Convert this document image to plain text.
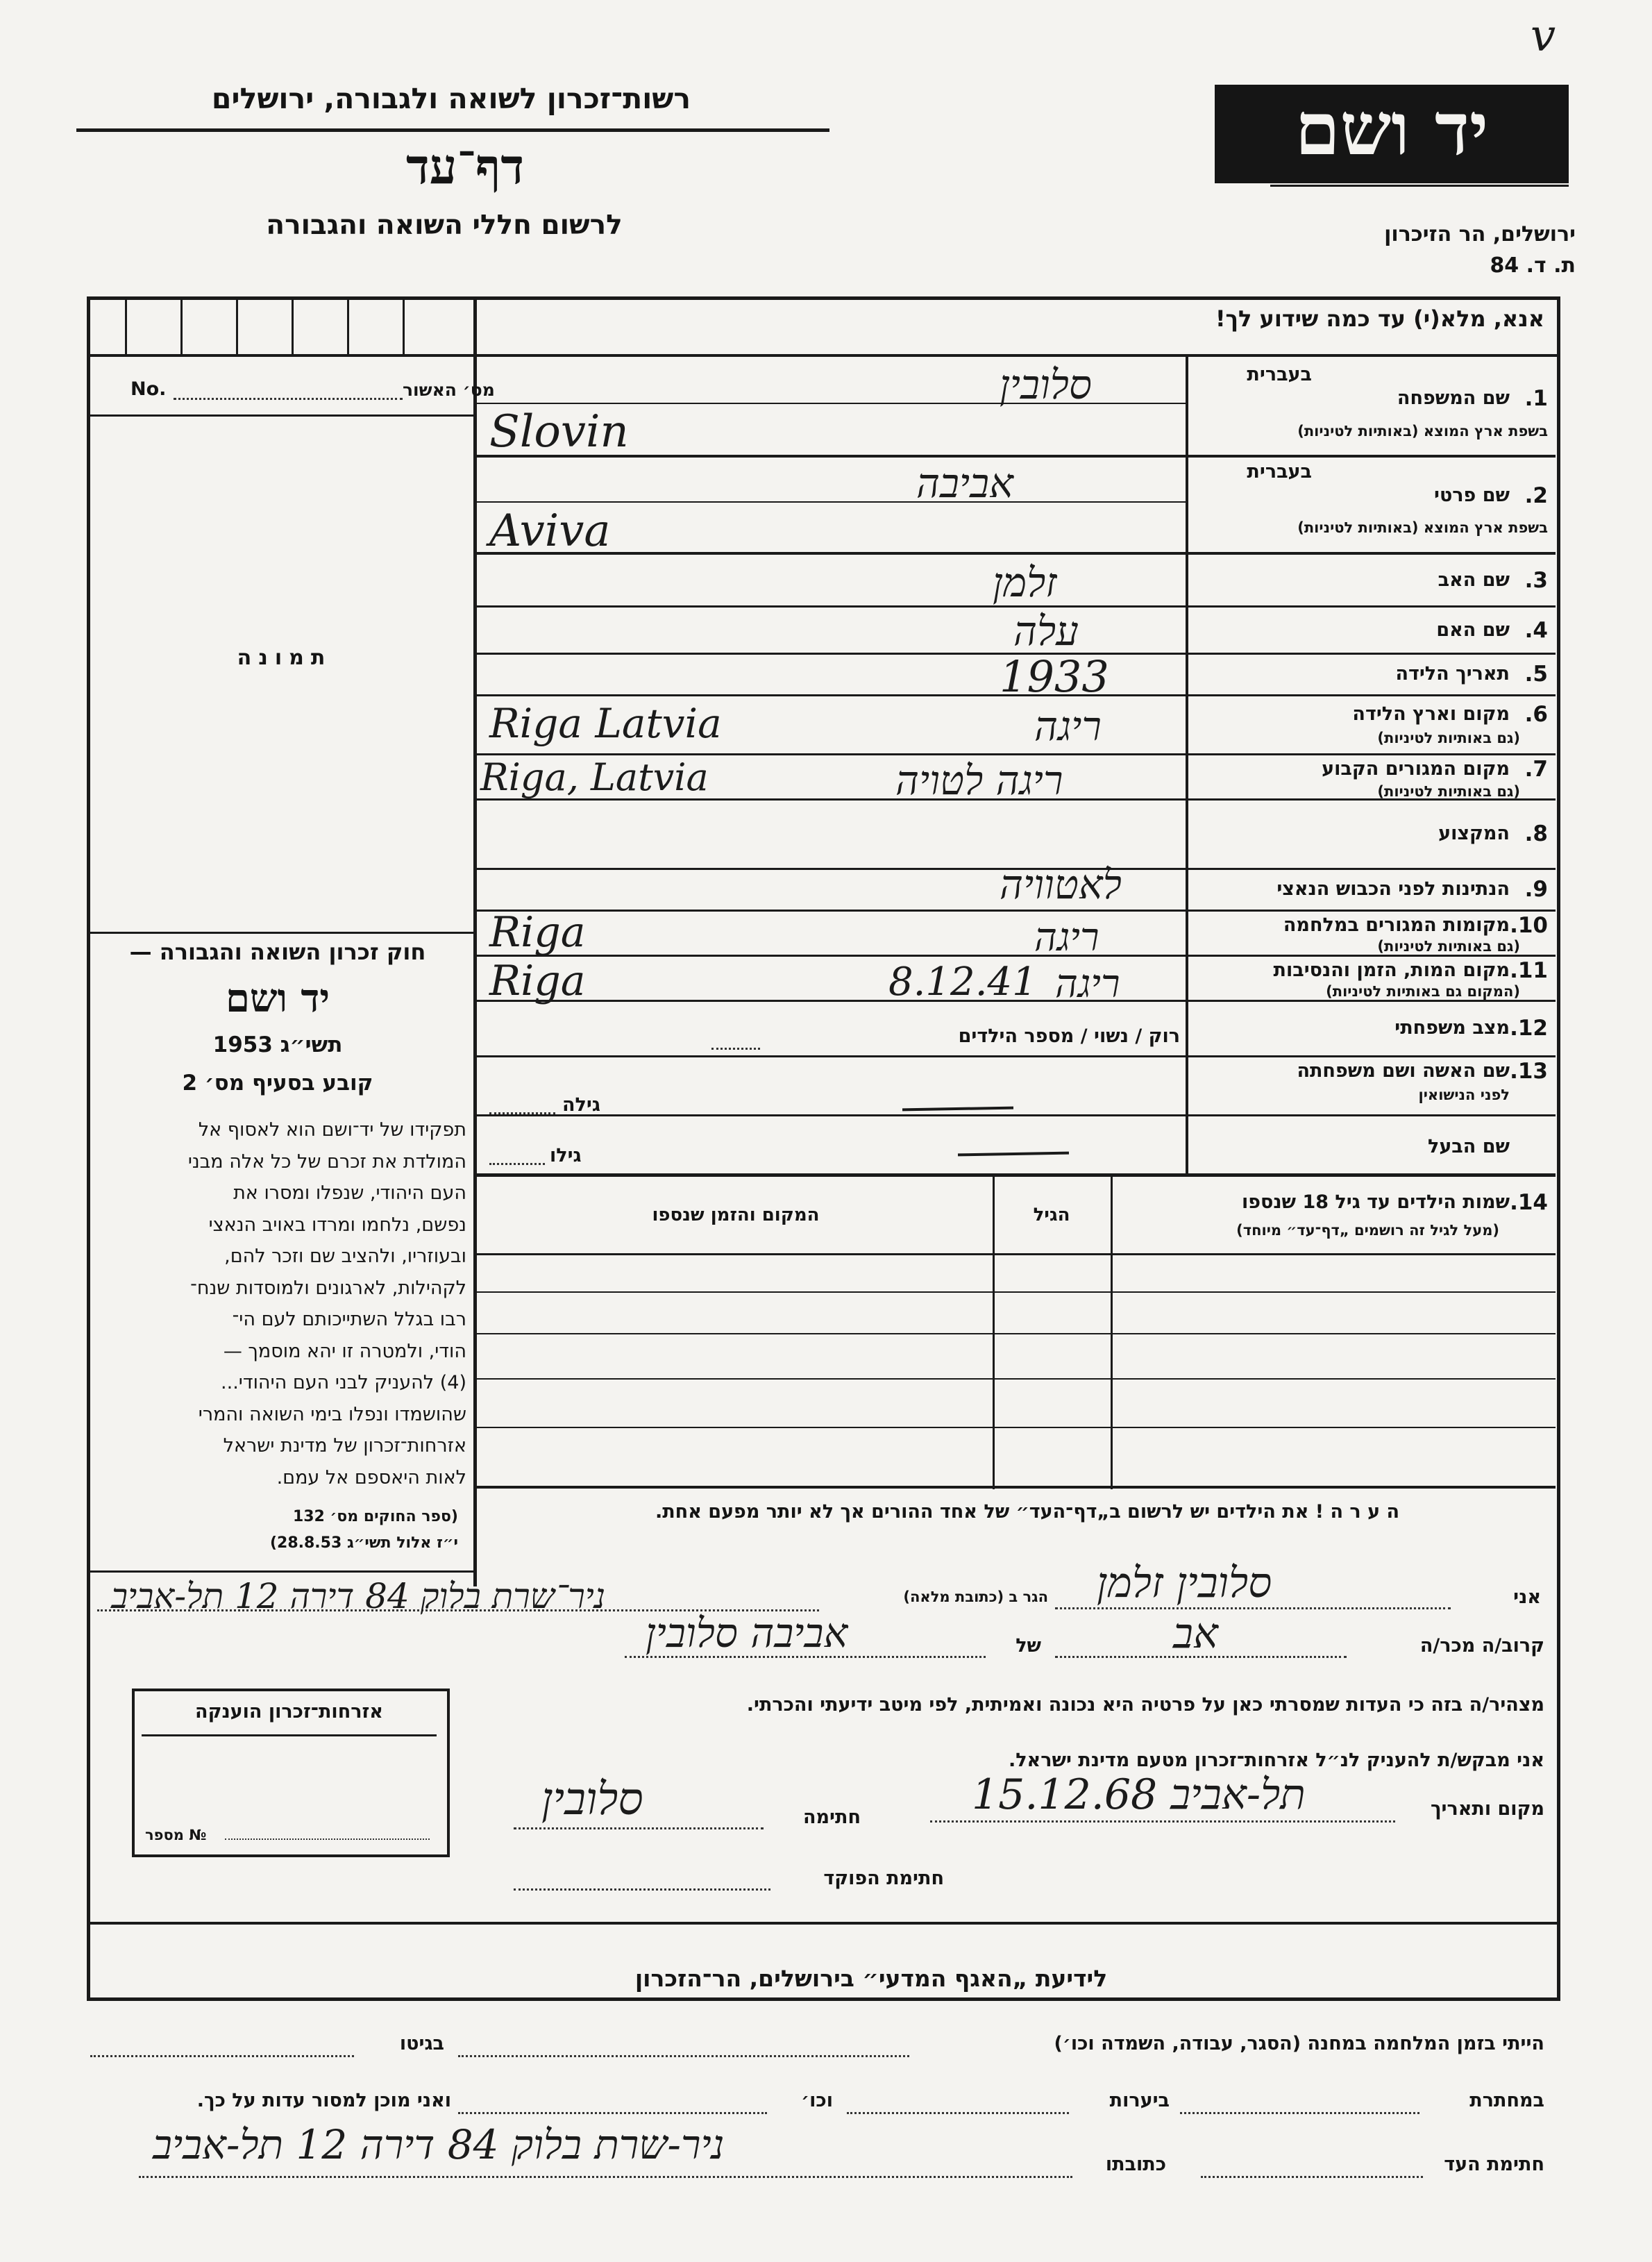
v
יד ושם
רשות־זכרון לשואה ולגבורה, ירושלים
דף־עד
לרשום חללי השואה והגבורה	ירושלים, הר הזיכרון
ת. ד. 84
אנא, מלא(י) עד כמה שידוע לך!
No.	מס׳ האשור
תמונה
חוק זכרון השואה והגבורה —
יד ושם
תשי״ג 1953
קובע בסעיף מס׳ 2
תפקידו של יד־ושם הוא לאסוף אל
המולדת את זכרם של כל אלה מבני
העם היהודי, שנפלו ומסרו את
נפשם, נלחמו ומרדו באויב הנאצי
ובעוזריו, ולהציב שם וזכר להם,
לקהילות, לארגונים ולמוסדות שנח־
רבו בגלל השתייכותם לעם הי־
הודי, ולמטרה זו יהא מוסמך —
(4) להעניק לבני העם היהודי...
שהושמדו ונפלו בימי השואה והמרי
אזרחות־זכרון של מדינת ישראל
לאות היאספם אל עמם.
(ספר החוקים מס׳ 132
י״ז אלול תשי״ג 28.8.53)
בעברית
1.
שם המשפחה
בשפת ארץ המוצא (באותיות לטיניות)
בעברית
2.
שם פרטי
בשפת ארץ המוצא (באותיות לטיניות)
3.
שם האב
4.
שם האם
5.
תאריך הלידה
6.
מקום וארץ הלידה
(גם באותיות לטיניות)
7.
מקום המגורים הקבוע
(גם באותיות לטיניות)
8.
המקצוע
9.
הנתינות לפני הכבוש הנאצי
10.
מקומות המגורים במלחמה
(גם באותיות לטיניות)
11.
מקום המות, הזמן והנסיבות
(המקום גם באותיות לטיניות)
12.
מצב משפחתי
13.
שם האשה ושם משפחתה
לפני הנישואין
שם הבעל
סלובין
Slovin
אביבה
Aviva
זלמן
עלה
1933
ריגה
Riga Latvia
ריגה לטויה
Riga, Latvia
לאטוויה
ריגה
Riga
ריגה
8.12.41
Riga
רוק / נשוי / מספר הילדים
גילה
גילו
14.
שמות הילדים עד גיל 18 שנספו
(מעל לגיל זה רושמים „דף־עד״ מיוחד)
הגיל
המקום והזמן שנספו
ה ע ר ה ! את הילדים יש לרשום ב„דף־העד״ של אחד ההורים אך לא יותר מפעם אחת.
אני
סלובין זלמן
הגר ב (כתובת מלאה)
ניר־שרת בלוק 84 דירה 12 תל-אביב
קרוב/ה מכר/ה
אב
של
אביבה סלובין
מצהיר/ה בזה כי העדות שמסרתי כאן על פרטיה היא נכונה ואמיתית, לפי מיטב ידיעתי והכרתי.
אני מבקש/ת להעניק לנ״ל אזרחות־זכרון מטעם מדינת ישראל.
מקום ותאריך
תל-אביב 15.12.68
חתימה
סלובין
חתימת הפוקד
אזרחות־זכרון הוענקה
№ מספר
לידיעת „האגף המדעי״ בירושלים, הר־הזכרון
הייתי בזמן המלחמה במחנה (הסגר, עבודה, השמדה וכו׳)
בגיטו
במחתרת
ביערות
וכו׳
ואני מוכן למסור עדות על כך.
חתימת העד
כתובתו
ניר-שרת בלוק 84 דירה 12 תל-אביב
